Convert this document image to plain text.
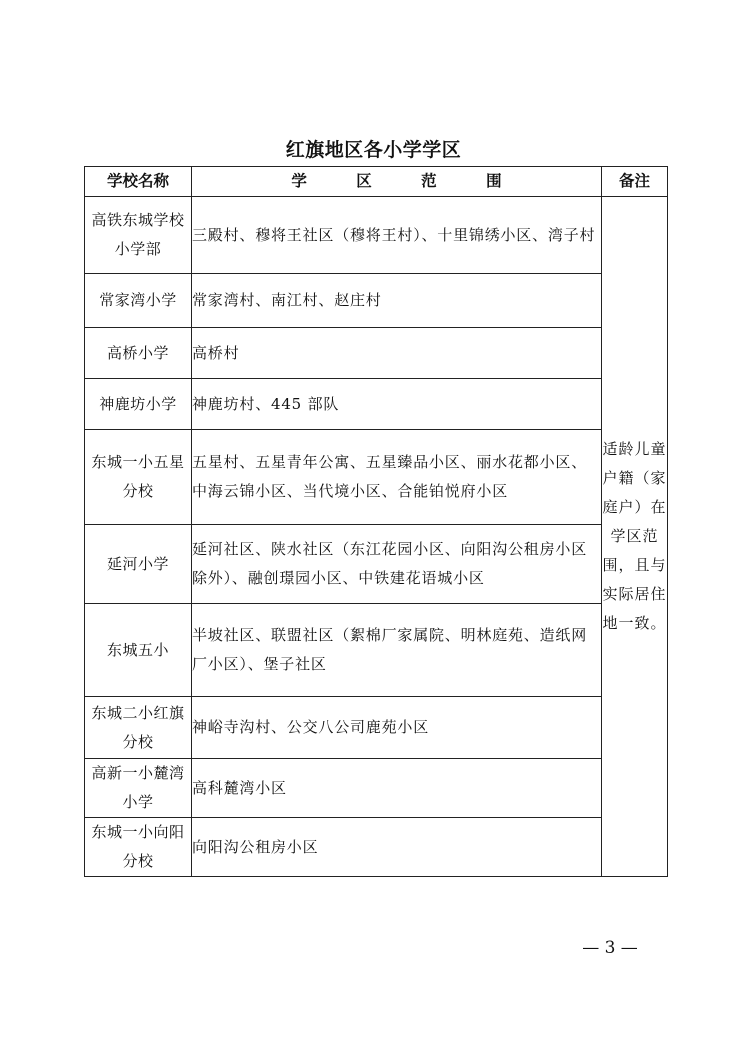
红旗地区各小学学区
学校名称	学 区 范 围	备注
高铁东城学校小学部	三殿村、穆将王社区（穆将王村）、十里锦绣小区、湾子村	适龄儿童户籍（家庭户）在学区范围，且与实际居住地一致。
常家湾小学	常家湾村、南江村、赵庄村	
高桥小学	高桥村	
神鹿坊小学	神鹿坊村、445 部队	
东城一小五星分校	五星村、五星青年公寓、五星臻品小区、丽水花都小区、中海云锦小区、当代境小区、合能铂悦府小区	
延河小学	延河社区、陕水社区（东江花园小区、向阳沟公租房小区除外）、融创璟园小区、中铁建花语城小区	
东城五小	半坡社区、联盟社区（絮棉厂家属院、明林庭苑、造纸网厂小区）、堡子社区	
东城二小红旗分校	神峪寺沟村、公交八公司鹿苑小区	
高新一小麓湾小学	高科麓湾小区	
东城一小向阳分校	向阳沟公租房小区	
— 3 —
